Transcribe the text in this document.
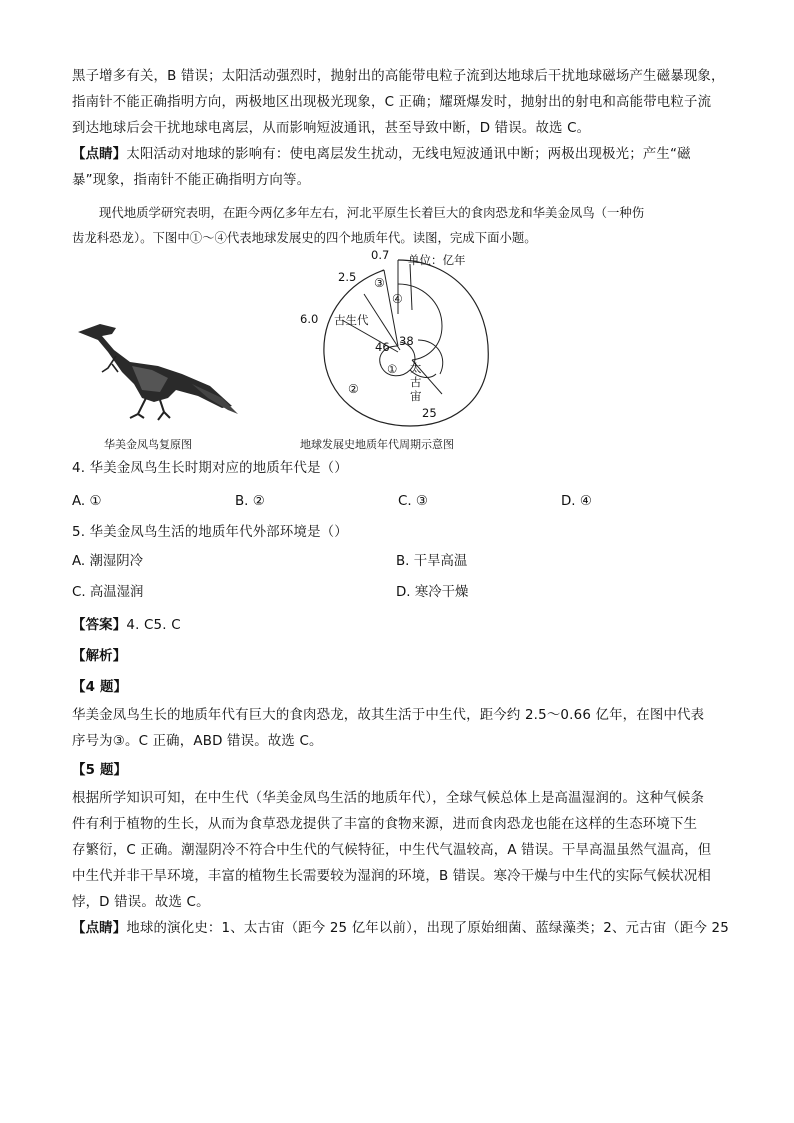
黑子增多有关，B 错误；太阳活动强烈时，抛射出的高能带电粒子流到达地球后干扰地球磁场产生磁暴现象，

指南针不能正确指明方向，两极地区出现极光现象，C 正确；耀斑爆发时，抛射出的射电和高能带电粒子流

到达地球后会干扰地球电离层，从而影响短波通讯，甚至导致中断，D 错误。故选 C。

【点睛】太阳活动对地球的影响有：使电离层发生扰动，无线电短波通讯中断；两极出现极光；产生“磁

暴”现象，指南针不能正确指明方向等。

现代地质学研究表明，在距今两亿多年左右，河北平原生长着巨大的食肉恐龙和华美金凤鸟（一种伤

齿龙科恐龙）。下图中①～④代表地球发展史的四个地质年代。读图，完成下面小题。

华美金凤鸟复原图
单位：亿年
0.7
2.5
6.0
46 38
25
古生代
太
古
宙
①
②
③
④
地球发展史地质年代周期示意图

4. 华美金凤鸟生长时期对应的地质年代是（）

A. ①	B. ②	C. ③	D. ④

5. 华美金凤鸟生活的地质年代外部环境是（）

A. 潮湿阴冷	B. 干旱高温
C. 高温湿润	D. 寒冷干燥

【答案】4. C5. C

【解析】

【4 题】

华美金凤鸟生长的地质年代有巨大的食肉恐龙，故其生活于中生代，距今约 2.5～0.66 亿年，在图中代表

序号为③。C 正确，ABD 错误。故选 C。

【5 题】

根据所学知识可知，在中生代（华美金凤鸟生活的地质年代），全球气候总体上是高温湿润的。这种气候条

件有利于植物的生长，从而为食草恐龙提供了丰富的食物来源，进而食肉恐龙也能在这样的生态环境下生

存繁衍，C 正确。潮湿阴冷不符合中生代的气候特征，中生代气温较高，A 错误。干旱高温虽然气温高，但

中生代并非干旱环境，丰富的植物生长需要较为湿润的环境，B 错误。寒冷干燥与中生代的实际气候状况相

悖，D 错误。故选 C。

【点睛】地球的演化史：1、太古宙（距今 25 亿年以前），出现了原始细菌、蓝绿藻类；2、元古宙（距今 25
